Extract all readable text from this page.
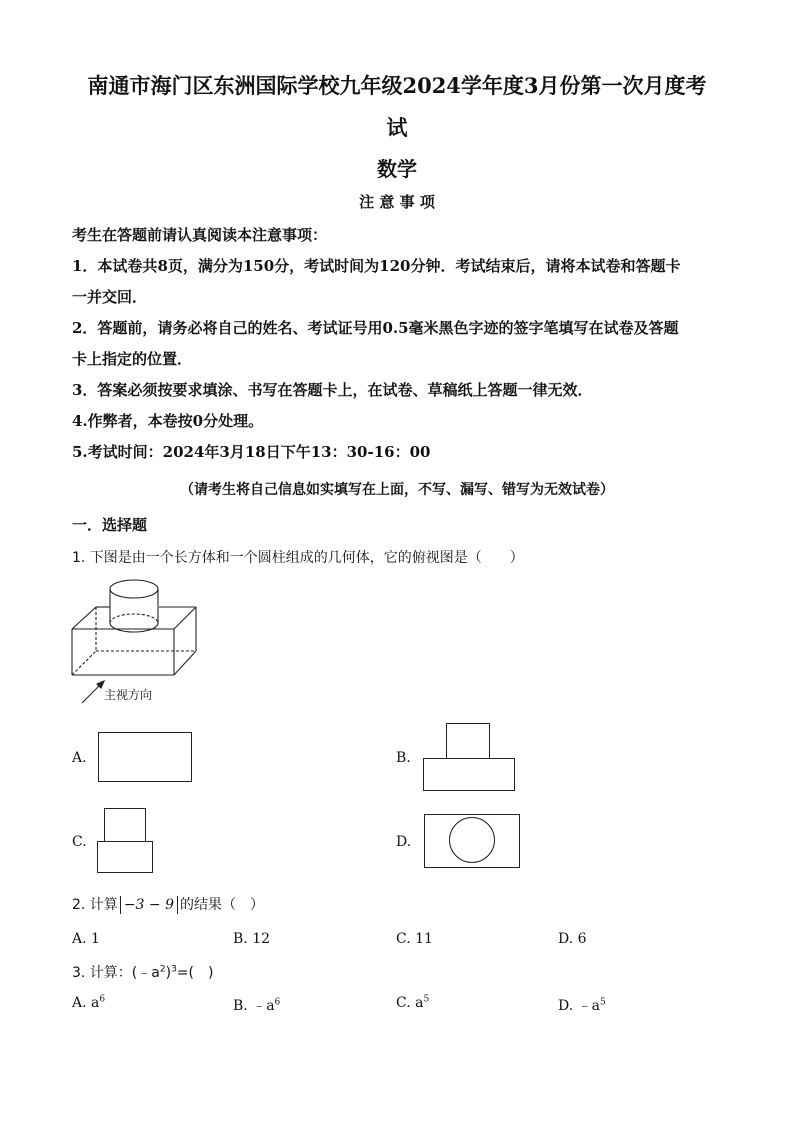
南通市海门区东洲国际学校九年级2024学年度3月份第一次月度考
试
数学
注 意 事 项
考生在答题前请认真阅读本注意事项：
1．本试卷共8页，满分为150分，考试时间为120分钟．考试结束后，请将本试卷和答题卡
一并交回．
2．答题前，请务必将自己的姓名、考试证号用0.5毫米黑色字迹的签字笔填写在试卷及答题
卡上指定的位置．
3．答案必须按要求填涂、书写在答题卡上，在试卷、草稿纸上答题一律无效．
4.作弊者，本卷按0分处理。
5.考试时间：2024年3月18日下午13：30-16：00
（请考生将自己信息如实填写在上面，不写、漏写、错写为无效试卷）
一．选择题
1. 下图是由一个长方体和一个圆柱组成的几何体，它的俯视图是（　　）
主视方向
A.	B.
C.	D.
2. 计算 −3 − 9 的结果（　）
A. 1	B. 12	C. 11	D. 6
3. 计算：$(﹣a^2)^3=$(　)
A. $a^6$	B. $﹣a^6$	C. $a^5$	D. $﹣a^5$
